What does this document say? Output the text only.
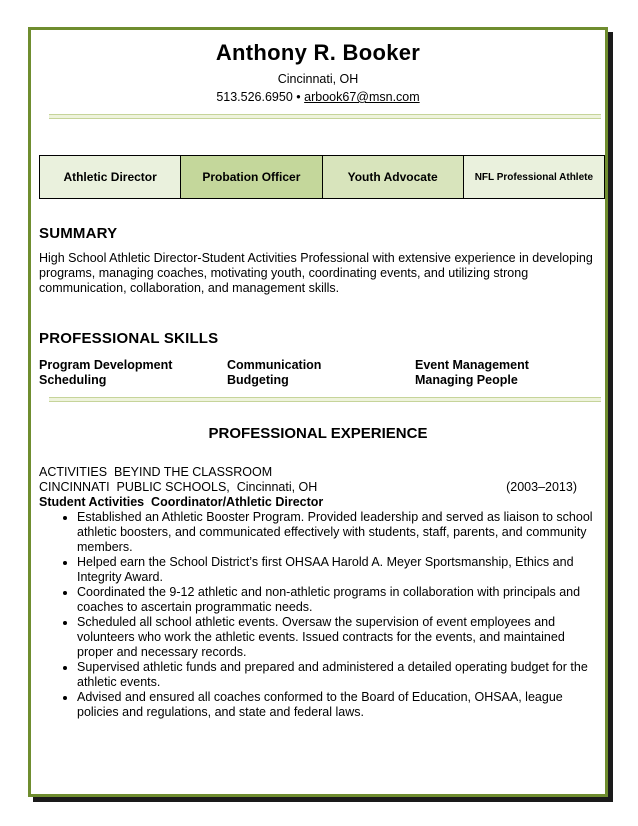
Anthony R. Booker
Cincinnati, OH
513.526.6950 • arbook67@msn.com
Athletic Director	Probation Officer	Youth Advocate	NFL Professional Athlete
SUMMARY
High School Athletic Director-Student Activities Professional with extensive experience in developing programs, managing coaches, motivating youth, coordinating events, and utilizing strong communication, collaboration, and management skills.
PROFESSIONAL SKILLS
Program Development	Communication	Event Management
Scheduling	Budgeting	Managing People
PROFESSIONAL EXPERIENCE
ACTIVITIES  BEYIND THE CLASSROOM
CINCINNATI  PUBLIC SCHOOLS,  Cincinnati, OH	(2003–2013)
Student Activities  Coordinator/Athletic Director
• Established an Athletic Booster Program. Provided leadership and served as liaison to school athletic boosters, and communicated effectively with students, staff, parents, and community members.
• Helped earn the School District’s first OHSAA Harold A. Meyer Sportsmanship, Ethics and Integrity Award.
• Coordinated the 9-12 athletic and non-athletic programs in collaboration with principals and coaches to ascertain programmatic needs.
• Scheduled all school athletic events. Oversaw the supervision of event employees and volunteers who work the athletic events. Issued contracts for the events, and maintained proper and necessary records.
• Supervised athletic funds and prepared and administered a detailed operating budget for the athletic events.
• Advised and ensured all coaches conformed to the Board of Education, OHSAA, league policies and regulations, and state and federal laws.
